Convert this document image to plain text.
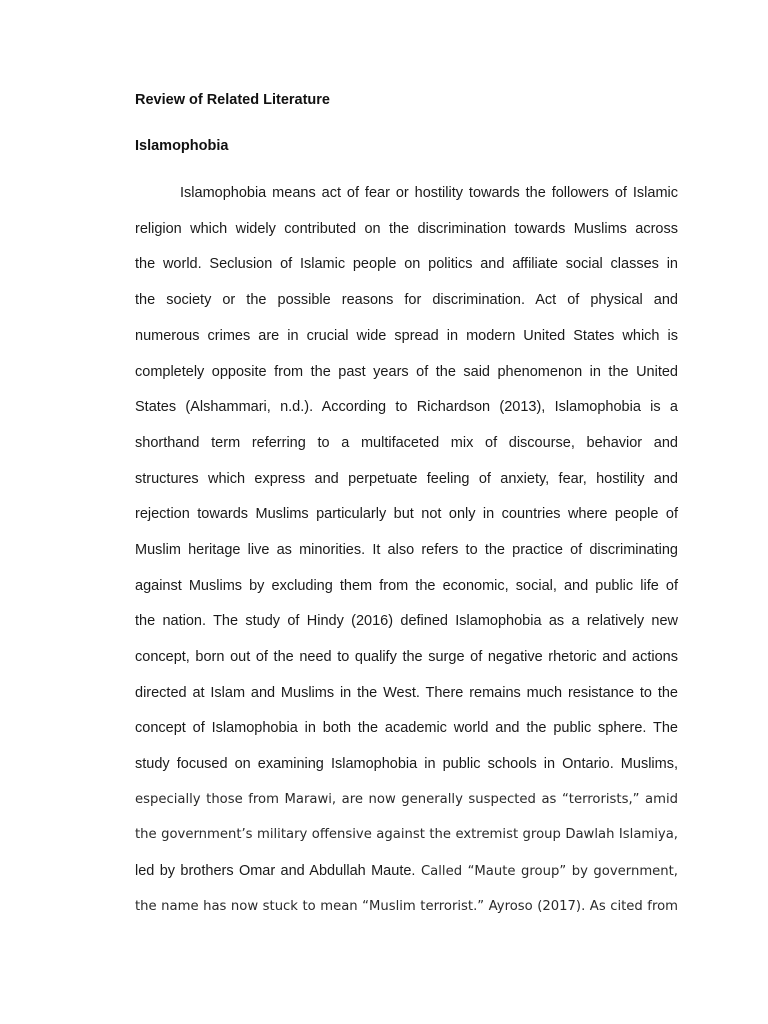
Review of Related Literature
Islamophobia
Islamophobia means act of fear or hostility towards the followers of Islamic
religion which widely contributed on the discrimination towards Muslims across
the world. Seclusion of Islamic people on politics and affiliate social classes in
the society or the possible reasons for discrimination. Act of physical and
numerous crimes are in crucial wide spread in modern United States which is
completely opposite from the past years of the said phenomenon in the United
States (Alshammari, n.d.). According to Richardson (2013), Islamophobia is a
shorthand term referring to a multifaceted mix of discourse, behavior and
structures which express and perpetuate feeling of anxiety, fear, hostility and
rejection towards Muslims particularly but not only in countries where people of
Muslim heritage live as minorities. It also refers to the practice of discriminating
against Muslims by excluding them from the economic, social, and public life of
the nation. The study of Hindy (2016) defined Islamophobia as a relatively new
concept, born out of the need to qualify the surge of negative rhetoric and actions
directed at Islam and Muslims in the West. There remains much resistance to the
concept of Islamophobia in both the academic world and the public sphere. The
study focused on examining Islamophobia in public schools in Ontario. Muslims,
especially those from Marawi, are now generally suspected as “terrorists,” amid
the government’s military offensive against the extremist group Dawlah Islamiya,
led by brothers Omar and Abdullah Maute. Called “Maute group” by government,
the name has now stuck to mean “Muslim terrorist.” Ayroso (2017). As cited from
